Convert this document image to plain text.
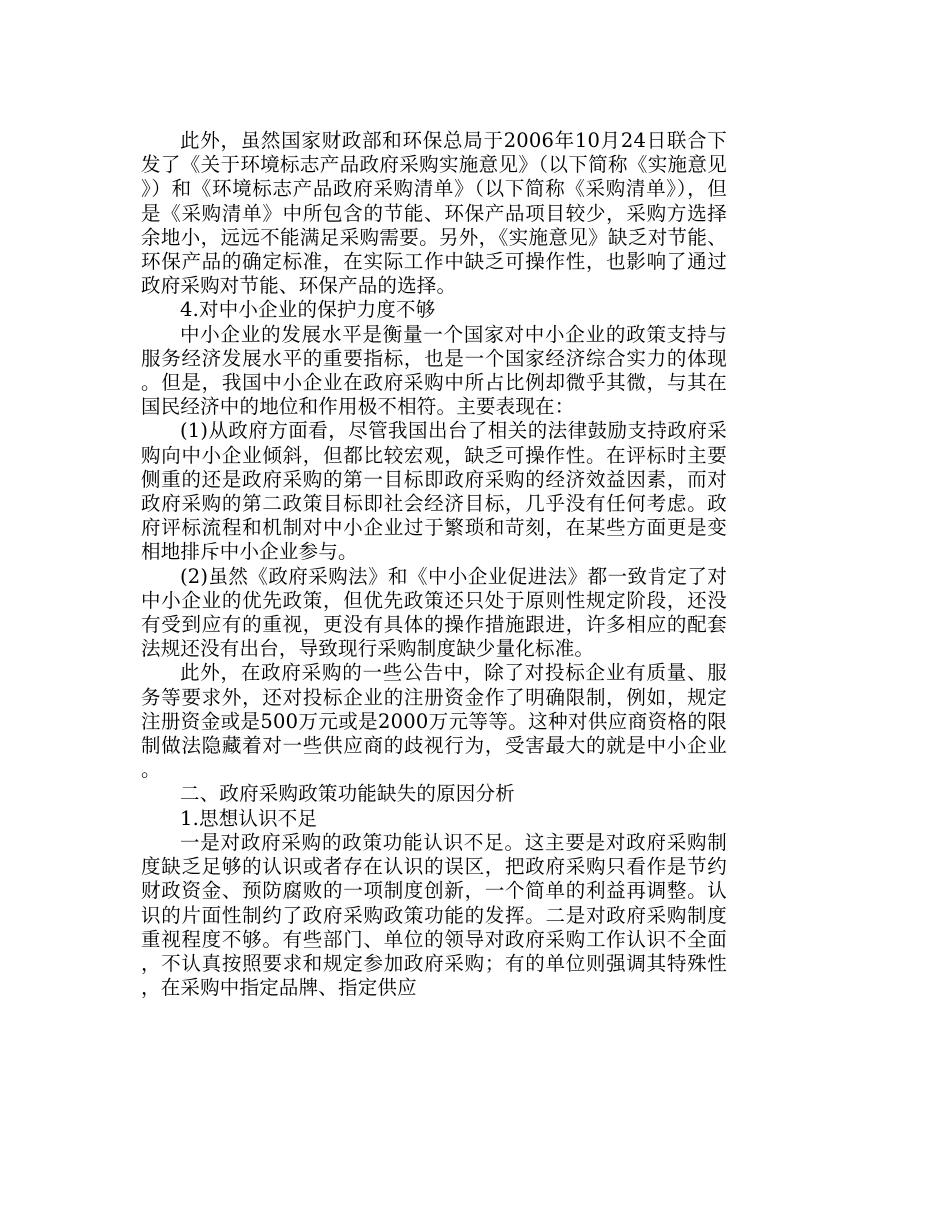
此外，虽然国家财政部和环保总局于2006年10月24日联合下发了《关于环境标志产品政府采购实施意见》（以下简称《实施意见》）和《环境标志产品政府采购清单》（以下简称《采购清单》），但是《采购清单》中所包含的节能、环保产品项目较少，采购方选择余地小，远远不能满足采购需要。另外，《实施意见》缺乏对节能、环保产品的确定标准，在实际工作中缺乏可操作性，也影响了通过政府采购对节能、环保产品的选择。

4.对中小企业的保护力度不够

中小企业的发展水平是衡量一个国家对中小企业的政策支持与服务经济发展水平的重要指标，也是一个国家经济综合实力的体现。但是，我国中小企业在政府采购中所占比例却微乎其微，与其在国民经济中的地位和作用极不相符。主要表现在：

(1)从政府方面看，尽管我国出台了相关的法律鼓励支持政府采购向中小企业倾斜，但都比较宏观，缺乏可操作性。在评标时主要侧重的还是政府采购的第一目标即政府采购的经济效益因素，而对政府采购的第二政策目标即社会经济目标，几乎没有任何考虑。政府评标流程和机制对中小企业过于繁琐和苛刻，在某些方面更是变相地排斥中小企业参与。

(2)虽然《政府采购法》和《中小企业促进法》都一致肯定了对中小企业的优先政策，但优先政策还只处于原则性规定阶段，还没有受到应有的重视，更没有具体的操作措施跟进，许多相应的配套法规还没有出台，导致现行采购制度缺少量化标准。

此外，在政府采购的一些公告中，除了对投标企业有质量、服务等要求外，还对投标企业的注册资金作了明确限制，例如，规定注册资金或是500万元或是2000万元等等。这种对供应商资格的限制做法隐藏着对一些供应商的歧视行为，受害最大的就是中小企业。

二、政府采购政策功能缺失的原因分析

1.思想认识不足

一是对政府采购的政策功能认识不足。这主要是对政府采购制度缺乏足够的认识或者存在认识的误区，把政府采购只看作是节约财政资金、预防腐败的一项制度创新，一个简单的利益再调整。认识的片面性制约了政府采购政策功能的发挥。二是对政府采购制度重视程度不够。有些部门、单位的领导对政府采购工作认识不全面，不认真按照要求和规定参加政府采购；有的单位则强调其特殊性，在采购中指定品牌、指定供应
